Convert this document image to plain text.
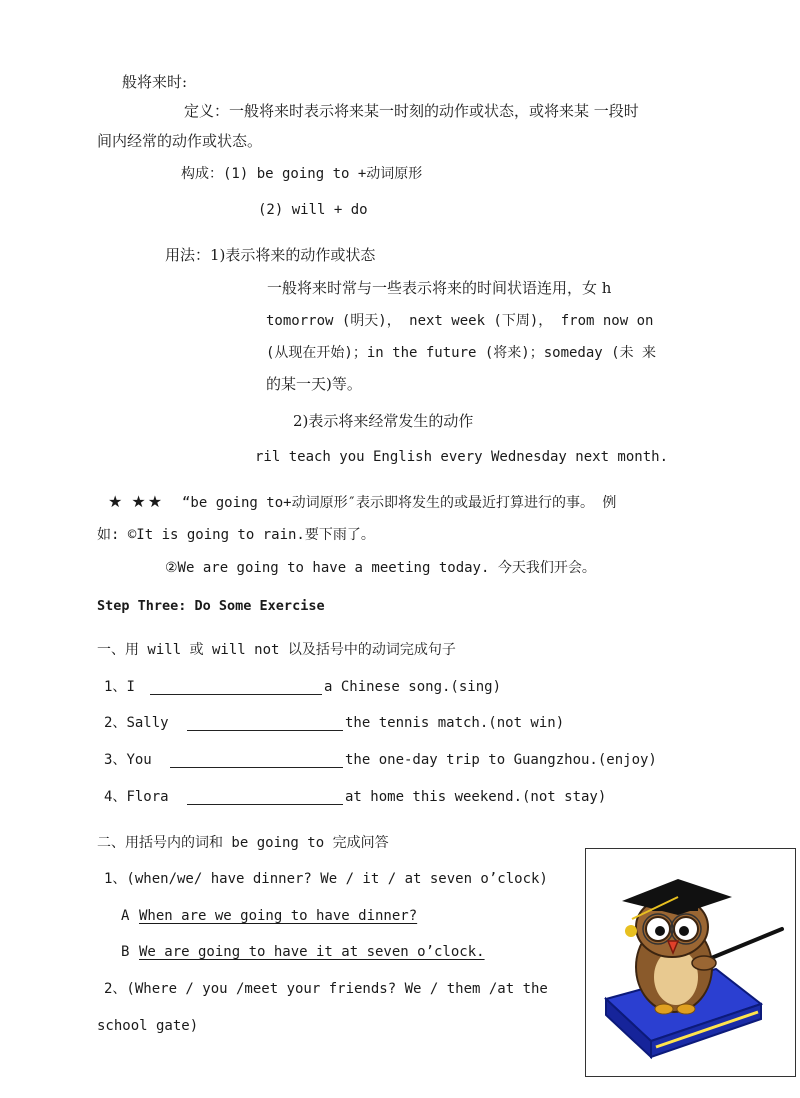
般将来时:
定义：一般将来时表示将来某一时刻的动作或状态，或将来某 一段时
间内经常的动作或状态。
构成：(1) be going to +动词原形
(2) will + do
用法：1)表示将来的动作或状态
一般将来时常与一些表示将来的时间状语连用，女 h
tomorrow (明天)， next week (下周)， from now on
(从现在开始)；in the future (将来)；someday (未 来
的某一天)等。
2)表示将来经常发生的动作
ril teach you English every Wednesday next month.
★ ★★ “be going to+动词原形″表示即将发生的或最近打算进行的事。 例
如: ©It is going to rain.要下雨了。
②We are going to have a meeting today. 今天我们开会。
Step Three: Do Some Exercise
一、用 will 或 will not 以及括号中的动词完成句子
1、I	a Chinese song.(sing)
2、Sally	the tennis match.(not win)
3、You	the one-day trip to Guangzhou.(enjoy)
4、Flora	at home this weekend.(not stay)
二、用括号内的词和 be going to 完成问答
1、(when/we/ have dinner? We / it / at seven o’clock)
A When are we going to have dinner?
B We are going to have it at seven o’clock.
2、(Where / you /meet your friends? We / them /at the
school gate)
